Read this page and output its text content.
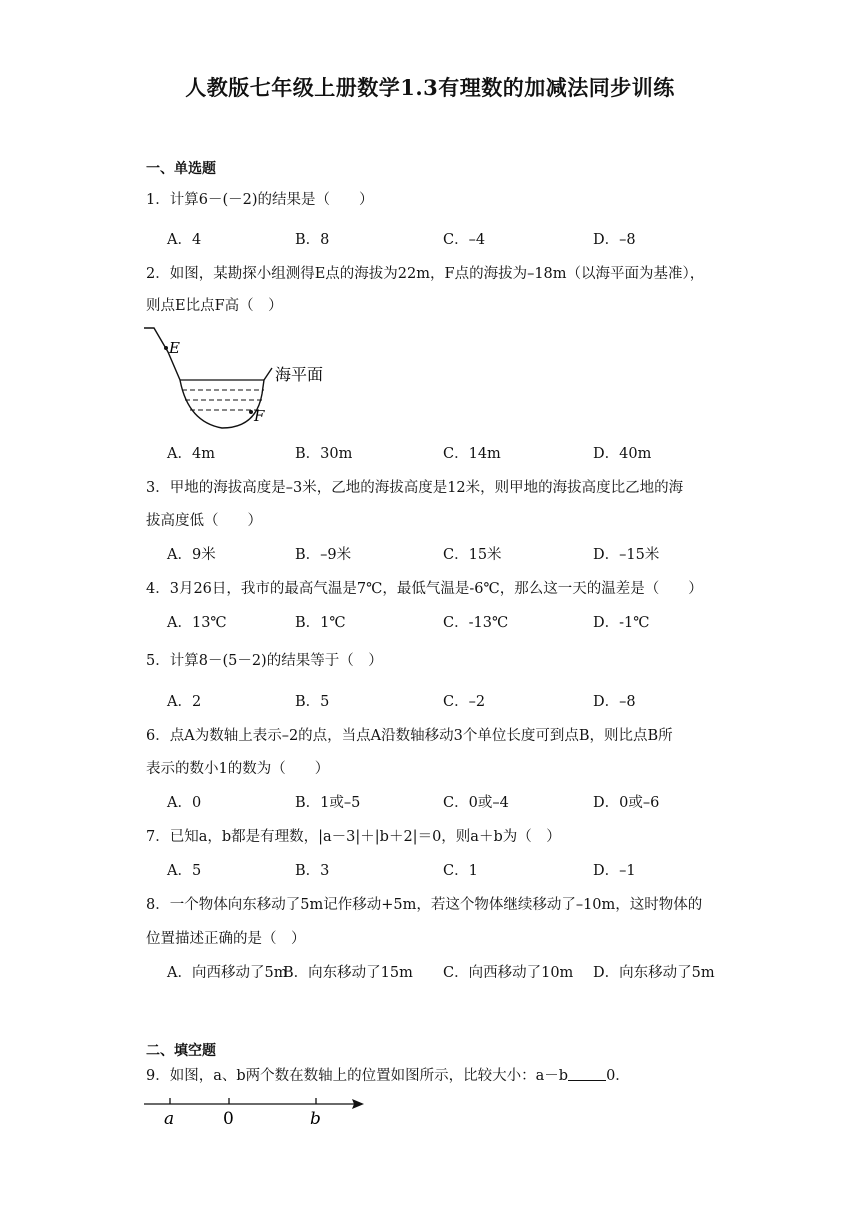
人教版七年级上册数学1.3有理数的加减法同步训练
一、单选题
1．计算6－(－2)的结果是（　　）
A．4	B．8	C．–4	D．–8
2．如图，某勘探小组测得E点的海拔为22m，F点的海拔为–18m（以海平面为基准），
则点E比点F高（　）
E
F
海平面
A．4m	B．30m	C．14m	D．40m
3．甲地的海拔高度是–3米，乙地的海拔高度是12米，则甲地的海拔高度比乙地的海
拔高度低（　　）
A．9米	B．–9米	C．15米	D．–15米
4．3月26日，我市的最高气温是7℃，最低气温是-6℃，那么这一天的温差是（　　）
A．13℃	B．1℃	C．-13℃	D．-1℃
5．计算8－(5－2)的结果等于（　）
A．2	B．5	C．–2	D．–8
6．点A为数轴上表示–2的点，当点A沿数轴移动3个单位长度可到点B，则比点B所
表示的数小1的数为（　　）
A．0	B．1或–5	C．0或–4	D．0或–6
7．已知a，b都是有理数，|a－3|＋|b＋2|＝0，则a＋b为（　）
A．5	B．3	C．1	D．–1
8．一个物体向东移动了5m记作移动+5m，若这个物体继续移动了–10m，这时物体的
位置描述正确的是（　）
A．向西移动了5m
B．向东移动了15m C．向西移动了10m D．向东移动了5m
二、填空题
9．如图，a、b两个数在数轴上的位置如图所示，比较大小：a－b	0．
a	0	b
